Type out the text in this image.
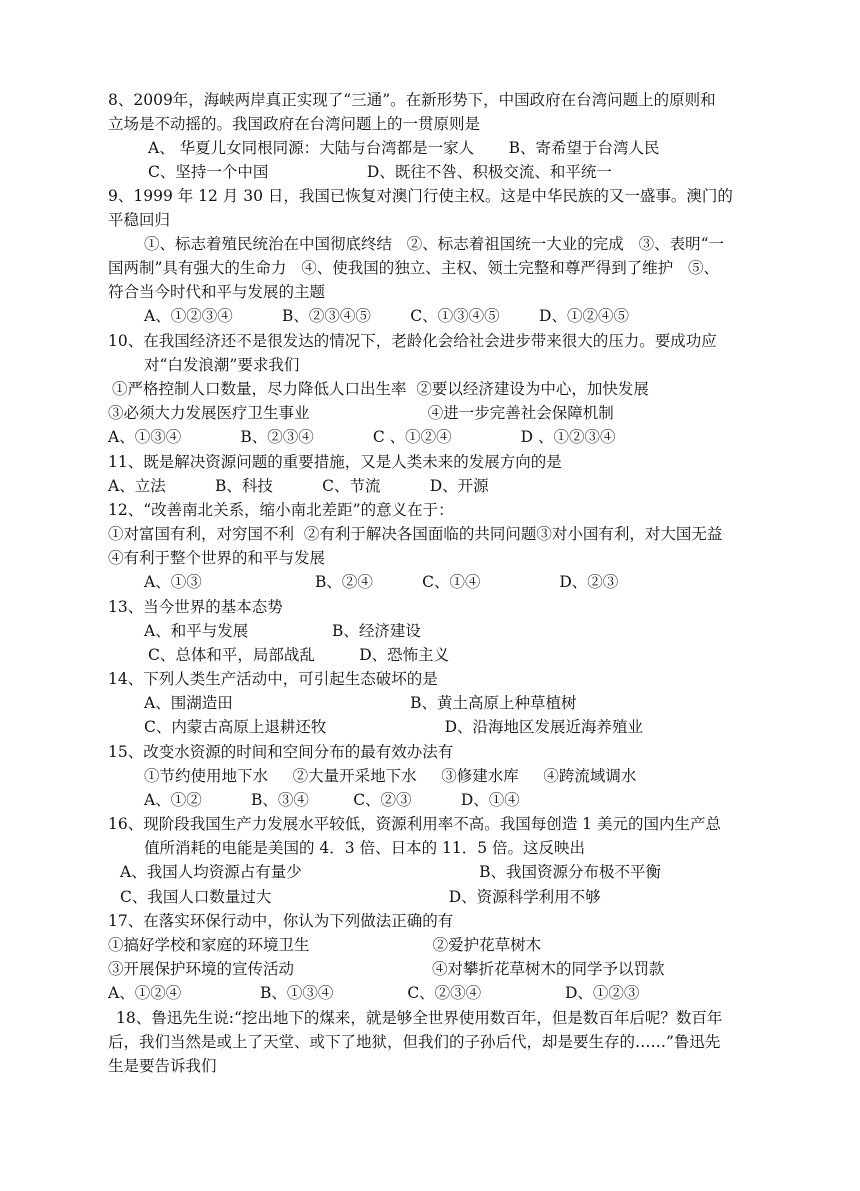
8、2009年，海峡两岸真正实现了“三通”。在新形势下，中国政府在台湾问题上的原则和
立场是不动摇的。我国政府在台湾问题上的一贯原则是
A、 华夏儿女同根同源：大陆与台湾都是一家人       B、寄希望于台湾人民
C、坚持一个中国                    D、既往不咎、积极交流、和平统一
9、1999 年 12 月 30 日，我国已恢复对澳门行使主权。这是中华民族的又一盛事。澳门的
平稳回归
①、标志着殖民统治在中国彻底终结   ②、标志着祖国统一大业的完成   ③、表明“一
国两制”具有强大的生命力   ④、使我国的独立、主权、领土完整和尊严得到了维护   ⑤、
符合当今时代和平与发展的主题
A、①②③④          B、②③④⑤        C、①③④⑤        D、①②④⑤
10、在我国经济还不是很发达的情况下，老龄化会给社会进步带来很大的压力。要成功应
对“白发浪潮”要求我们
①严格控制人口数量，尽力降低人口出生率  ②要以经济建设为中心，加快发展
③必须大力发展医疗卫生事业                        ④进一步完善社会保障机制
A、①③④            B、②③④            C 、①②④              D 、①②③④
11、既是解决资源问题的重要措施，又是人类未来的发展方向的是
A、立法          B、科技          C、节流          D、开源
12、“改善南北关系，缩小南北差距”的意义在于：
①对富国有利，对穷国不利  ②有利于解决各国面临的共同问题③对小国有利，对大国无益
④有利于整个世界的和平与发展
A、①③                       B、②④          C、①④                D、②③
13、当今世界的基本态势
A、和平与发展                 B、经济建设
C、总体和平，局部战乱         D、恐怖主义
14、下列人类生产活动中，可引起生态破坏的是
A、围湖造田                                    B、黄土高原上种草植树
C、内蒙古高原上退耕还牧                        D、沿海地区发展近海养殖业
15、改变水资源的时间和空间分布的最有效办法有
①节约使用地下水     ②大量开采地下水     ③修建水库     ④跨流域调水
A、①②          B、③④         C、②③          D、①④
16、现阶段我国生产力发展水平较低，资源利用率不高。我国每创造 1 美元的国内生产总
值所消耗的电能是美国的 4．3 倍、日本的 11．5 倍。这反映出
A、我国人均资源占有量少                                    B、我国资源分布极不平衡
C、我国人口数量过大                                    D、资源科学利用不够
17、在落实环保行动中，你认为下列做法正确的有
①搞好学校和家庭的环境卫生                         ②爱护花草树木
③开展保护环境的宣传活动                            ④对攀折花草树木的同学予以罚款
A、①②④                B、①③④               C、②③④                 D、①②③
18、鲁迅先生说:“挖出地下的煤来，就是够全世界使用数百年，但是数百年后呢？数百年
后，我们当然是或上了天堂、或下了地狱，但我们的子孙后代，却是要生存的……”鲁迅先
生是要告诉我们
